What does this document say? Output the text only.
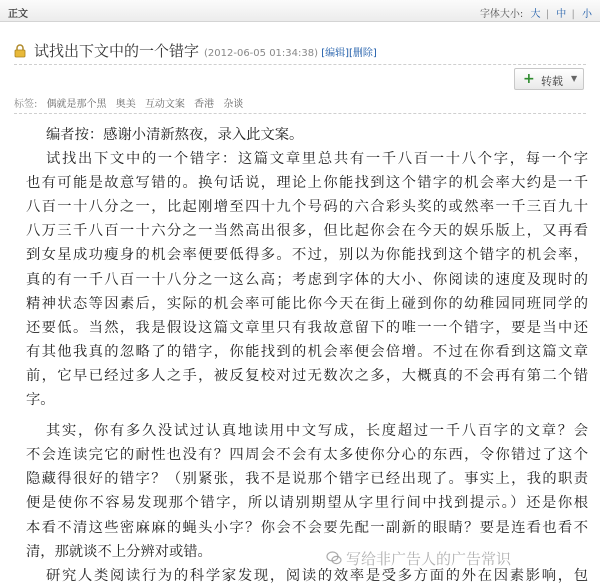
正文	字体大小: 大 | 中 | 小
试找出下文中的一个错字 (2012-06-05 01:34:38) [编辑][删除]
+ 转载 ▼
标签: 偶就是那个黑 奥美 互动文案 香港 杂谈
编者按：感谢小清新熬夜，录入此文案。
试找出下文中的一个错字：这篇文章里总共有一千八百一十八个字，每一个字
也有可能是故意写错的。换句话说，理论上你能找到这个错字的机会率大约是一千
八百一十八分之一，比起刚增至四十九个号码的六合彩头奖的或然率一千三百九十
八万三千八百一十六分之一当然高出很多，但比起你会在今天的娱乐版上，又再看
到女星成功瘦身的机会率便要低得多。不过，别以为你能找到这个错字的机会率，
真的有一千八百一十八分之一这么高；考虑到字体的大小、你阅读的速度及现时的
精神状态等因素后，实际的机会率可能比你今天在街上碰到你的幼稚园同班同学的
还要低。当然，我是假设这篇文章里只有我故意留下的唯一一个错字，要是当中还
有其他我真的忽略了的错字，你能找到的机会率便会倍增。不过在你看到这篇文章
前，它早已经过多人之手，被反复校对过无数次之多，大概真的不会再有第二个错
字。
其实，你有多久没试过认真地读用中文写成，长度超过一千八百字的文章？会
不会连读完它的耐性也没有？四周会不会有太多使你分心的东西，令你错过了这个
隐藏得很好的错字？（别紧张，我不是说那个错字已经出现了。事实上，我的职责
便是使你不容易发现那个错字，所以请别期望从字里行间中找到提示。）还是你根
本看不清这些密麻麻的蝇头小字？你会不会要先配一副新的眼睛？要是连看也看不
清，那就谈不上分辨对或错。
研究人类阅读行为的科学家发现，阅读的效率是受多方面的外在因素影响，包
写给非广告人的广告常识
